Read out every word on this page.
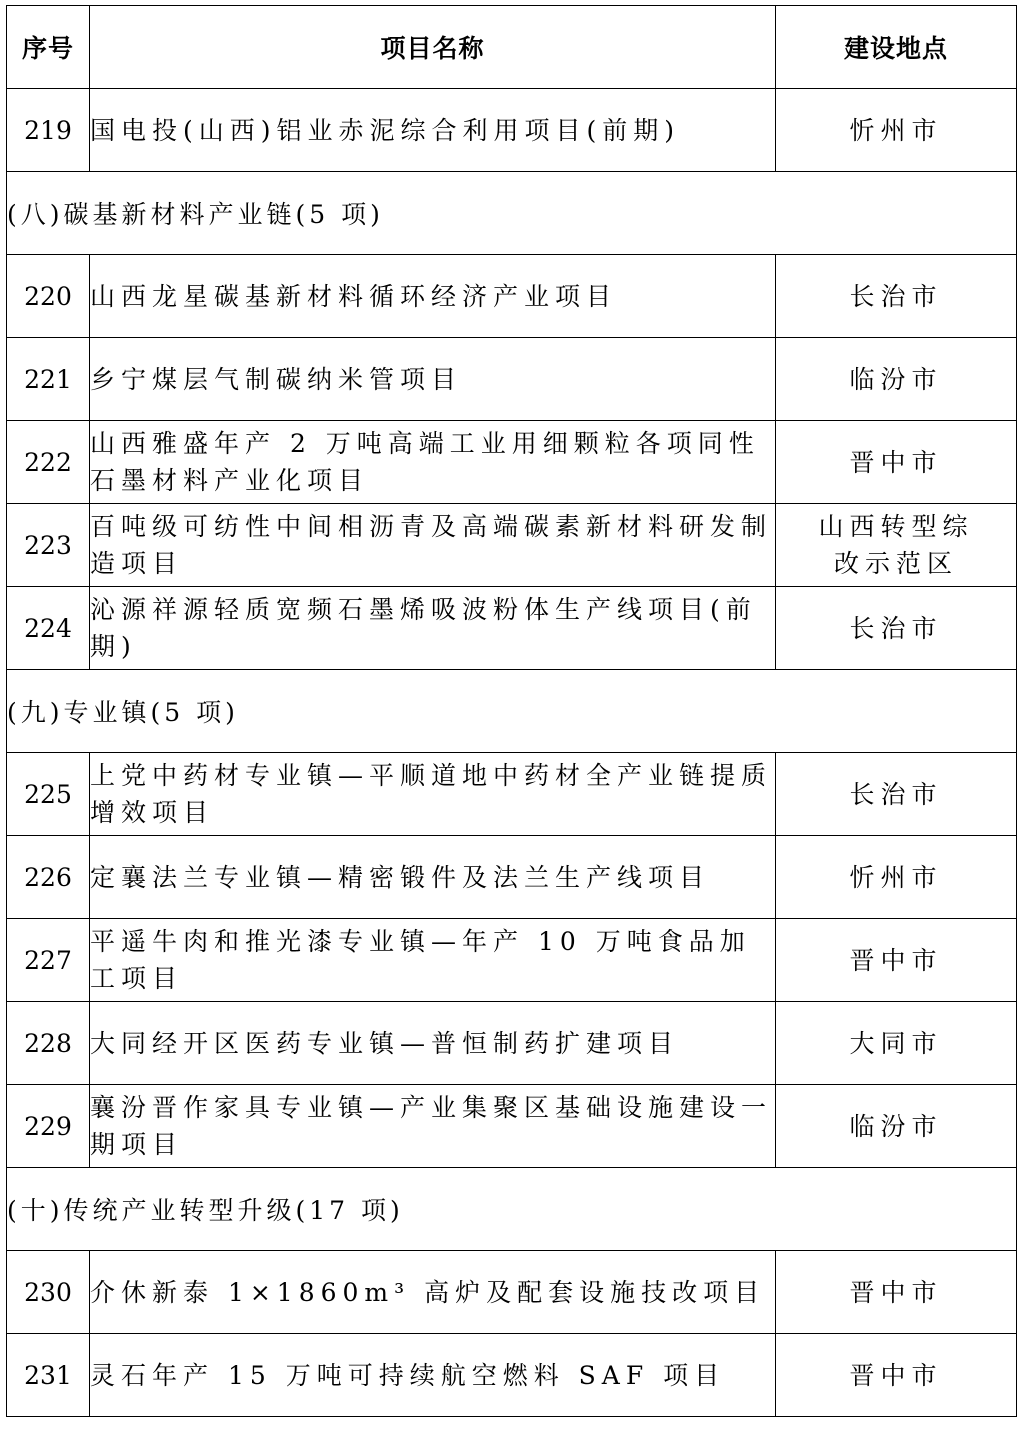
序号	项目名称	建设地点
219	国电投(山西)铝业赤泥综合利用项目(前期)	忻州市
(八)碳基新材料产业链(5 项)		
220	山西龙星碳基新材料循环经济产业项目	长治市
221	乡宁煤层气制碳纳米管项目	临汾市
222	山西雅盛年产 2 万吨高端工业用细颗粒各项同性石墨材料产业化项目	晋中市
223	百吨级可纺性中间相沥青及高端碳素新材料研发制造项目	山西转型综改示范区
224	沁源祥源轻质宽频石墨烯吸波粉体生产线项目(前期)	长治市
(九)专业镇(5 项)		
225	上党中药材专业镇—平顺道地中药材全产业链提质增效项目	长治市
226	定襄法兰专业镇—精密锻件及法兰生产线项目	忻州市
227	平遥牛肉和推光漆专业镇—年产 10 万吨食品加工项目	晋中市
228	大同经开区医药专业镇—普恒制药扩建项目	大同市
229	襄汾晋作家具专业镇—产业集聚区基础设施建设一期项目	临汾市
(十)传统产业转型升级(17 项)		
230	介休新泰 1×1860m³ 高炉及配套设施技改项目	晋中市
231	灵石年产 15 万吨可持续航空燃料 SAF 项目	晋中市
